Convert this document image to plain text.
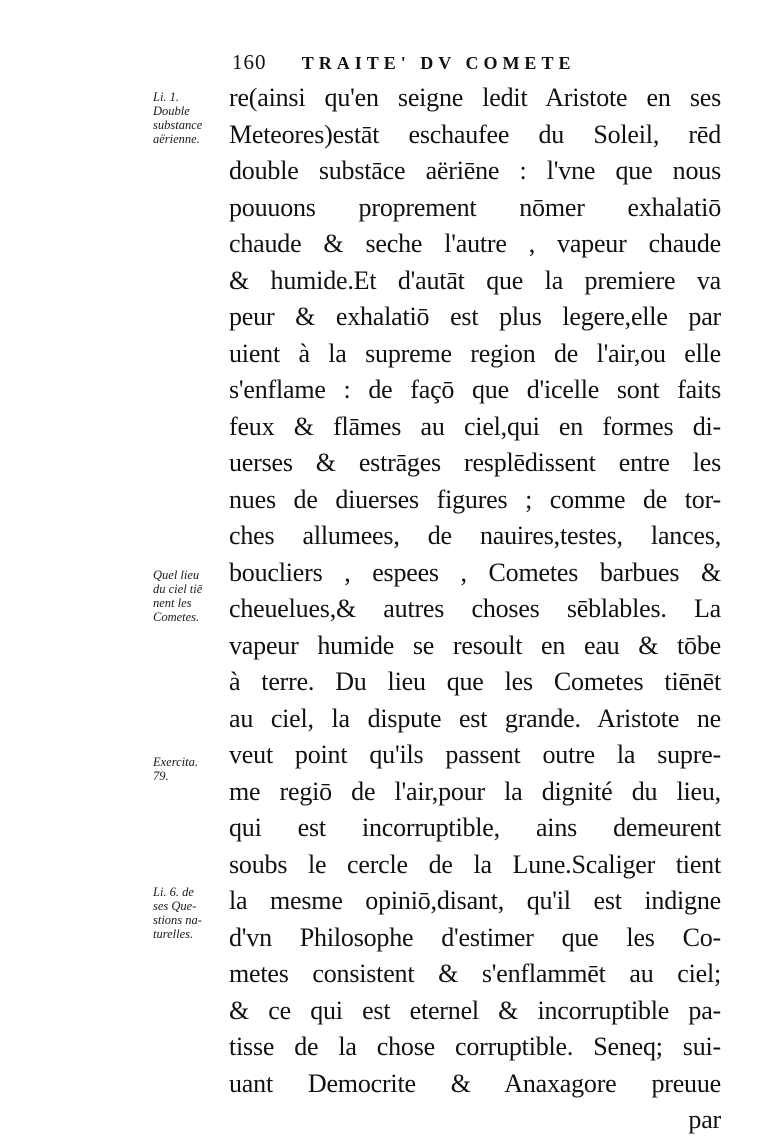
160 TRAITE' DV COMETE
Li. 1.
Double
substance
aërienne.
Quel lieu
du ciel tiē
nent les
Cometes.
Exercita.
79.
Li. 6. de
ses Que-
stions na-
turelles.
re(ainsi qu'en seigne ledit Aristote en ses
Meteores)estāt eschaufee du Soleil, rēd
double substāce aëriēne : l'vne que nous
pouuons proprement nōmer exhalatiō
chaude & seche l'autre , vapeur chaude
& humide.Et d'autāt que la premiere va
peur & exhalatiō est plus legere,elle par
uient à la supreme region de l'air,ou elle
s'enflame : de façō que d'icelle sont faits
feux & flāmes au ciel,qui en formes di-
uerses & estrāges resplēdissent entre les
nues de diuerses figures ; comme de tor-
ches allumees, de nauires,testes, lances,
boucliers , espees , Cometes barbues &
cheuelues,& autres choses sēblables. La
vapeur humide se resoult en eau & tōbe
à terre. Du lieu que les Cometes tiēnēt
au ciel, la dispute est grande. Aristote ne
veut point qu'ils passent outre la supre-
me regiō de l'air,pour la dignité du lieu,
qui est incorruptible, ains demeurent
soubs le cercle de la Lune.Scaliger tient
la mesme opiniō,disant, qu'il est indigne
d'vn Philosophe d'estimer que les Co-
metes consistent & s'enflammēt au ciel;
& ce qui est eternel & incorruptible pa-
tisse de la chose corruptible. Seneq; sui-
uant Democrite & Anaxagore preuue
par
